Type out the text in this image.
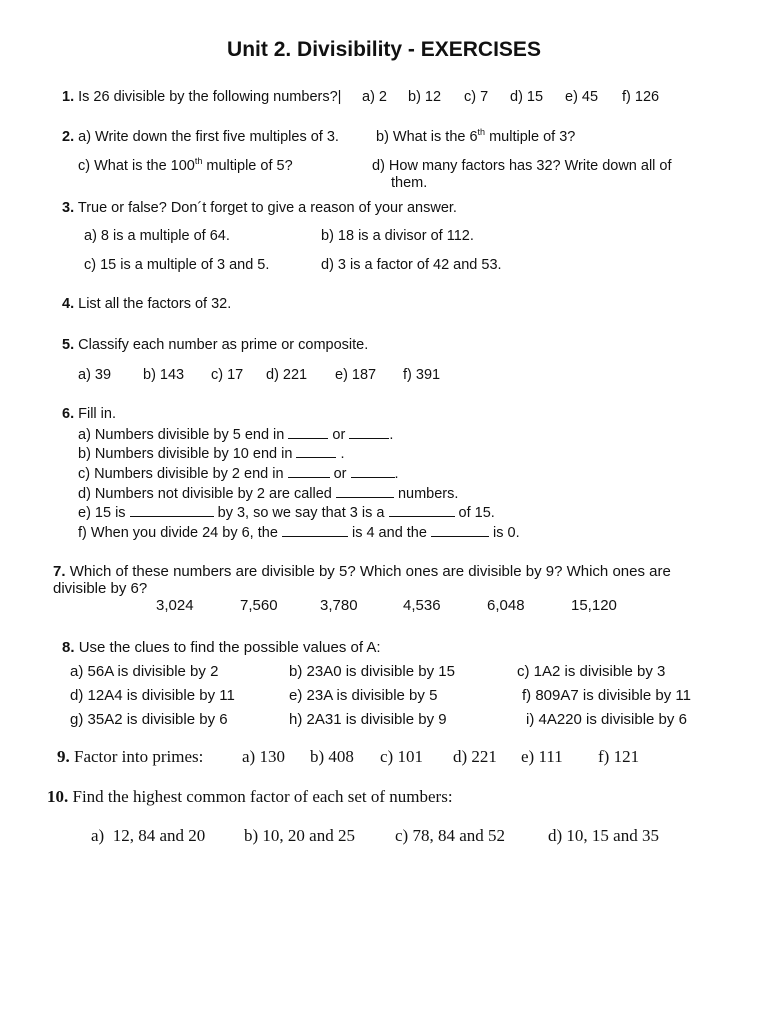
Unit 2. Divisibility - EXERCISES
1. Is 26 divisible by the following numbers?| a) 2 b) 12 c) 7 d) 15 e) 45 f) 126
2. a) Write down the first five multiples of 3.	b) What is the 6th multiple of 3?
c) What is the 100th multiple of 5?	d) How many factors has 32? Write down all of
them.
3. True or false? Don´t forget to give a reason of your answer.
a) 8 is a multiple of 64.	b) 18 is a divisor of 112.
c) 15 is a multiple of 3 and 5.	d) 3 is a factor of 42 and 53.
4. List all the factors of 32.
5. Classify each number as prime or composite.
a) 39 b) 143 c) 17 d) 221 e) 187 f) 391
6. Fill in.
a) Numbers divisible by 5 end in	or	.
b) Numbers divisible by 10 end in	.
c) Numbers divisible by 2 end in	or	.
d) Numbers not divisible by 2 are called	numbers.
e) 15 is	by 3, so we say that 3 is a	of 15.
f) When you divide 24 by 6, the	is 4 and the	is 0.
7. Which of these numbers are divisible by 5? Which ones are divisible by 9? Which ones are
divisible by 6?
3,024	7,560	3,780	4,536	6,048	15,120
8. Use the clues to find the possible values of A:
a) 56A is divisible by 2	b) 23A0 is divisible by 15	c) 1A2 is divisible by 3
d) 12A4 is divisible by 11	e) 23A is divisible by 5	f) 809A7 is divisible by 11
g) 35A2 is divisible by 6	h) 2A31 is divisible by 9	i) 4A220 is divisible by 6
9. Factor into primes: a) 130 b) 408 c) 101 d) 221 e) 111 f) 121
10. Find the highest common factor of each set of numbers:
a)  12, 84 and 20 b) 10, 20 and 25 c) 78, 84 and 52	d) 10, 15 and 35
